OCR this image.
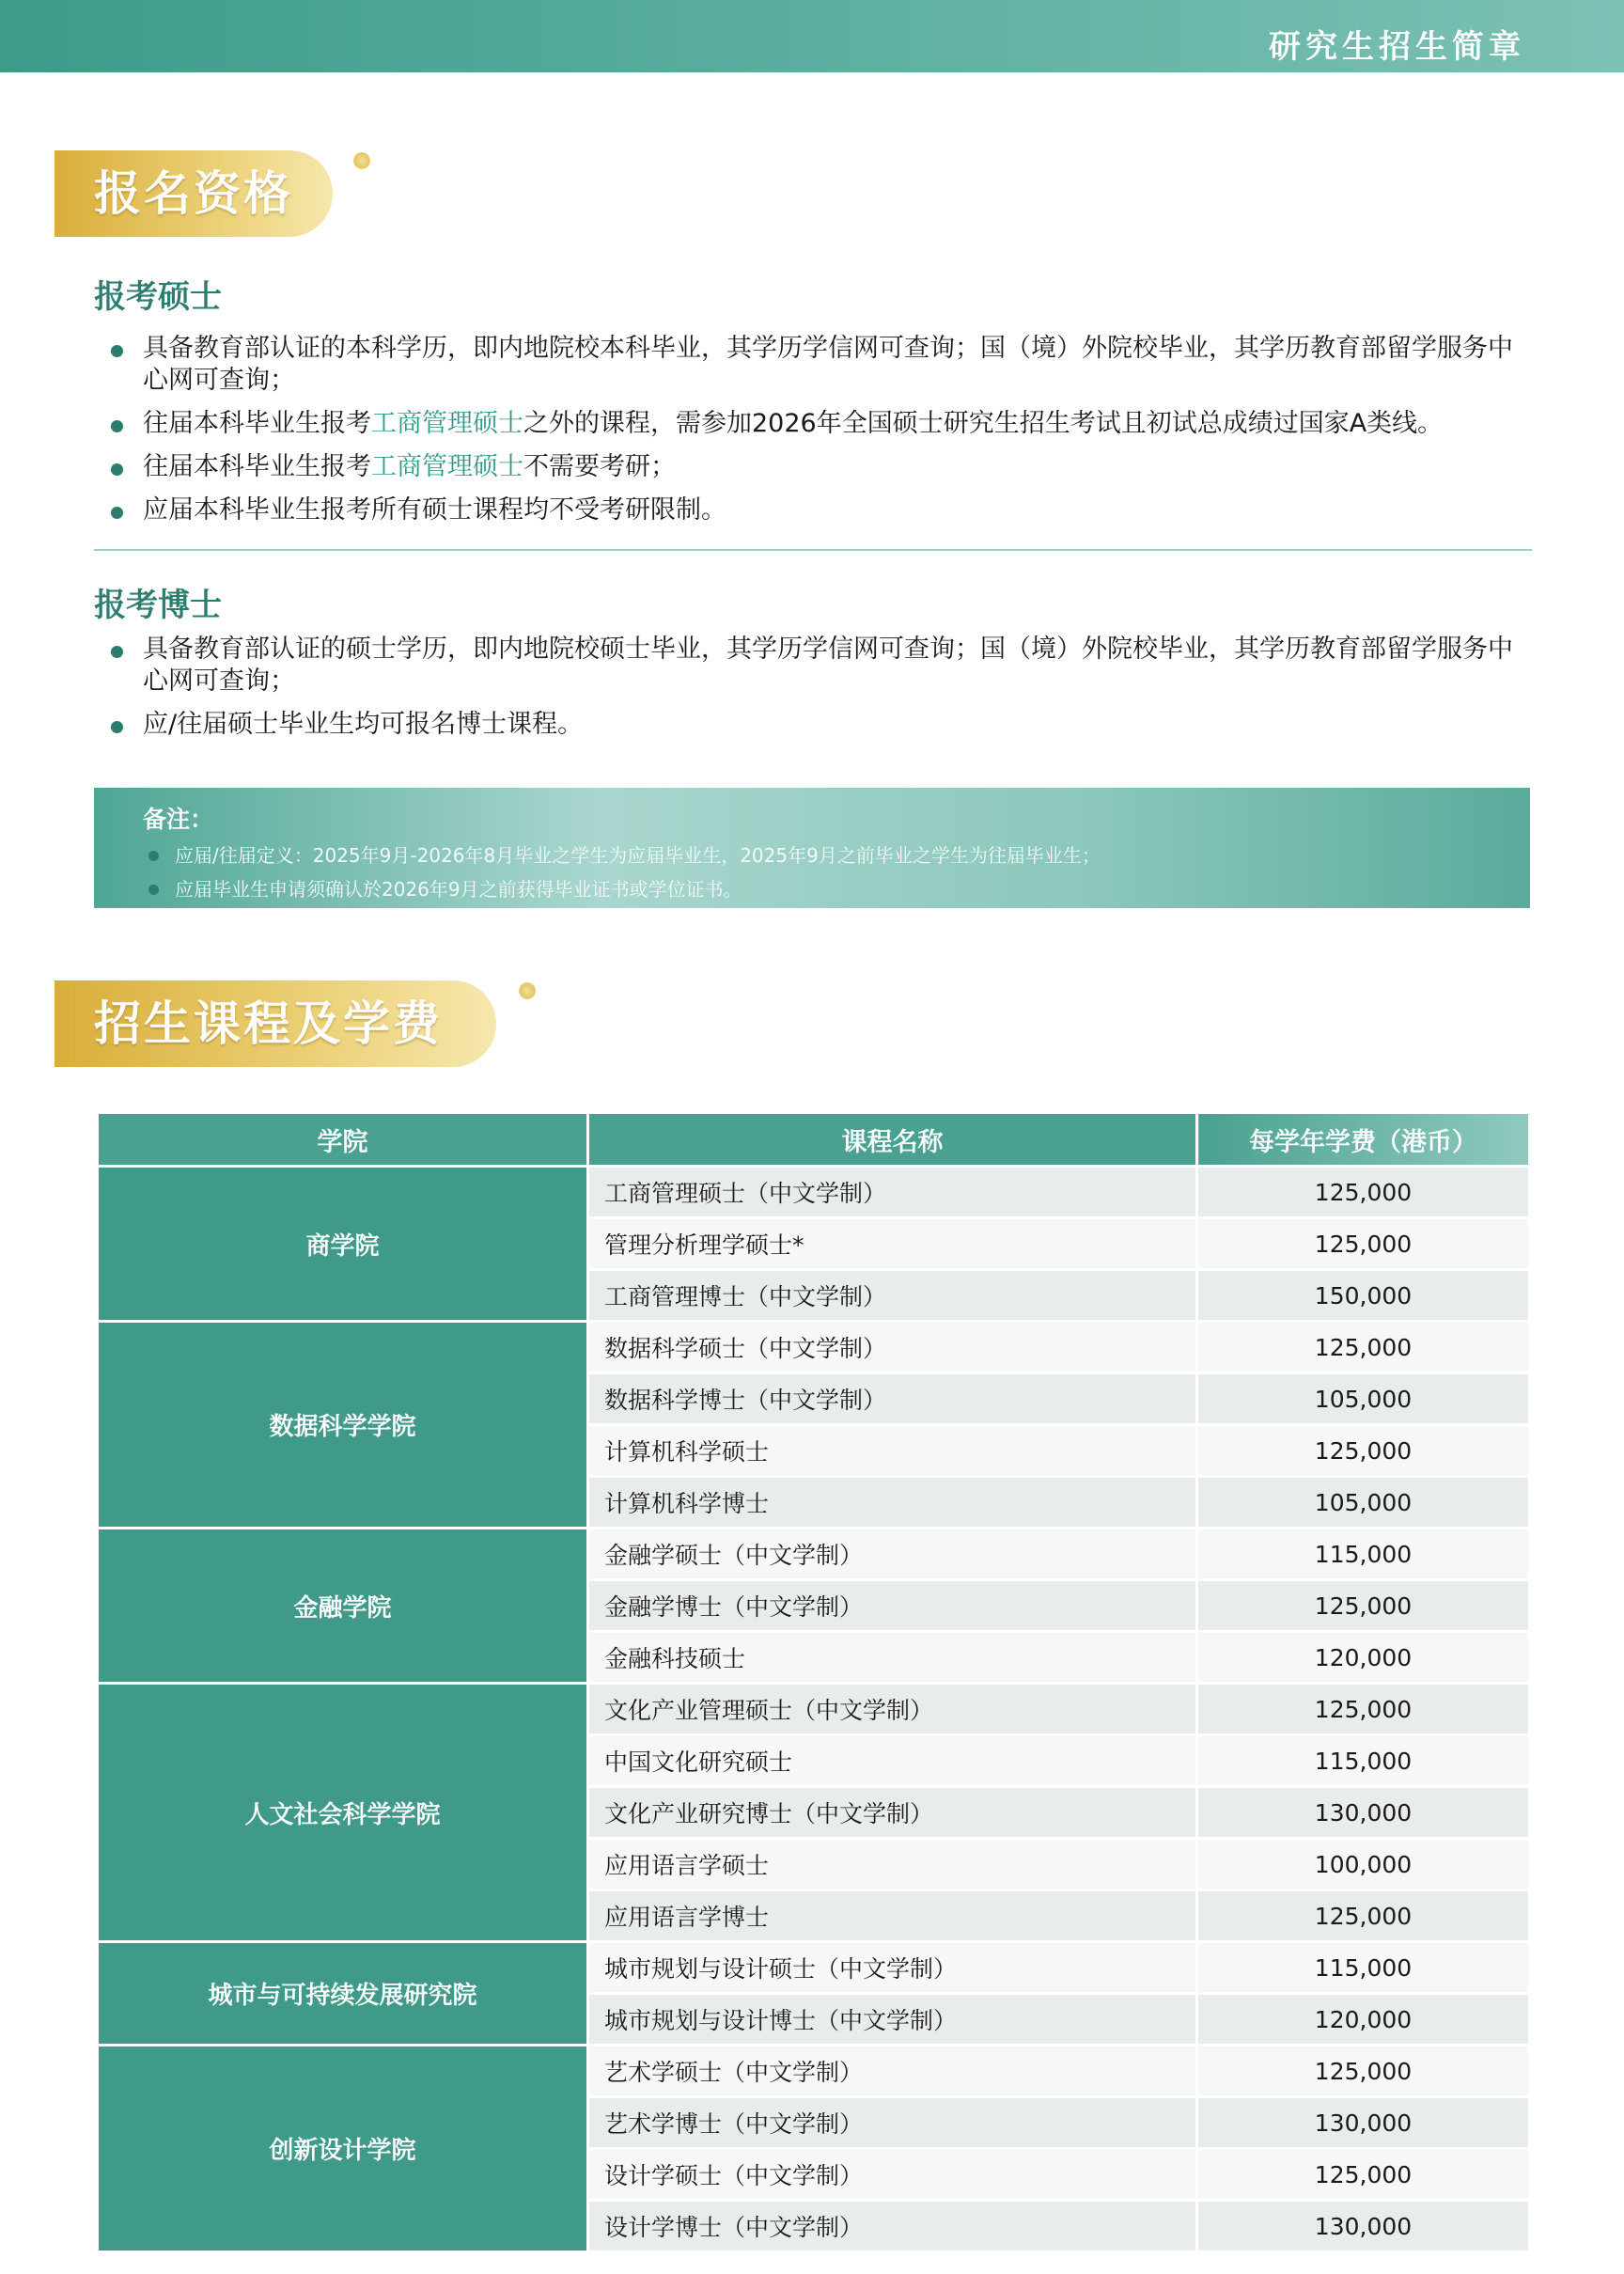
研究生招生简章
报名资格
报考硕士
具备教育部认证的本科学历，即内地院校本科毕业，其学历学信网可查询；国（境）外院校毕业，其学历教育部留学服务中心网可查询；
往届本科毕业生报考工商管理硕士之外的课程，需参加2026年全国硕士研究生招生考试且初试总成绩过国家A类线。
往届本科毕业生报考工商管理硕士不需要考研；
应届本科毕业生报考所有硕士课程均不受考研限制。
报考博士
具备教育部认证的硕士学历，即内地院校硕士毕业，其学历学信网可查询；国（境）外院校毕业，其学历教育部留学服务中心网可查询；
应/往届硕士毕业生均可报名博士课程。
备注：
应届/往届定义：2025年9月-2026年8月毕业之学生为应届毕业生，2025年9月之前毕业之学生为往届毕业生；
应届毕业生申请须确认於2026年9月之前获得毕业证书或学位证书。
招生课程及学费
学院	课程名称	每学年学费（港币）
商学院	工商管理硕士（中文学制）	125,000
	管理分析理学硕士*	125,000
	工商管理博士（中文学制）	150,000
数据科学学院	数据科学硕士（中文学制）	125,000
	数据科学博士（中文学制）	105,000
	计算机科学硕士	125,000
	计算机科学博士	105,000
金融学院	金融学硕士（中文学制）	115,000
	金融学博士（中文学制）	125,000
	金融科技硕士	120,000
人文社会科学学院	文化产业管理硕士（中文学制）	125,000
	中国文化研究硕士	115,000
	文化产业研究博士（中文学制）	130,000
	应用语言学硕士	100,000
	应用语言学博士	125,000
城市与可持续发展研究院	城市规划与设计硕士（中文学制）	115,000
	城市规划与设计博士（中文学制）	120,000
创新设计学院	艺术学硕士（中文学制）	125,000
	艺术学博士（中文学制）	130,000
	设计学硕士（中文学制）	125,000
	设计学博士（中文学制）	130,000
